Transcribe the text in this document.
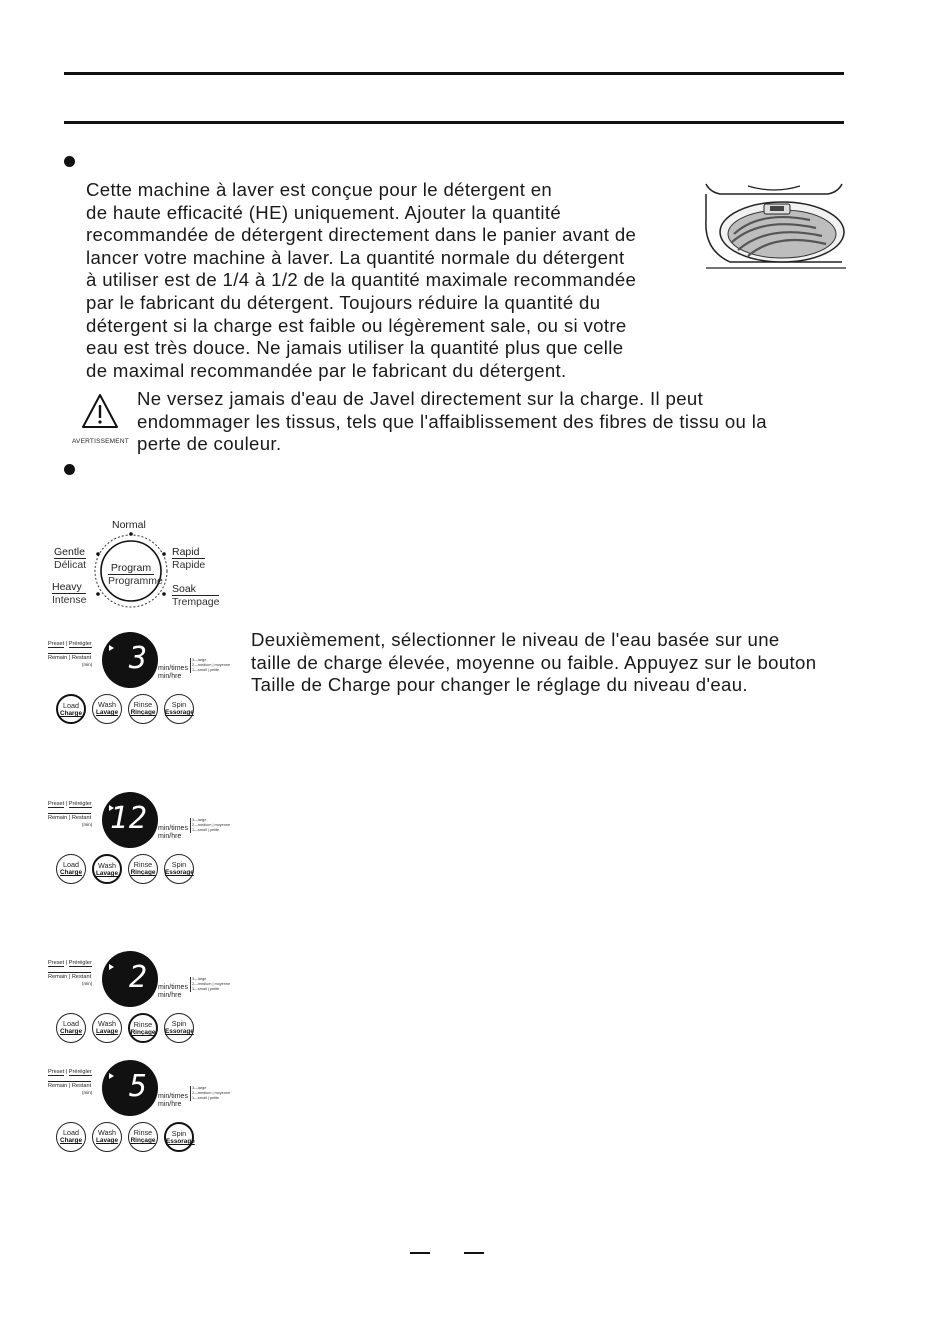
Cette machine à laver est conçue pour le détergent en
de haute efficacité (HE) uniquement. Ajouter la quantité
recommandée de détergent directement dans le panier avant de
lancer votre machine à laver. La quantité normale du détergent
à utiliser est de 1/4 à 1/2 de la quantité maximale recommandée
par le fabricant du détergent. Toujours réduire la quantité du
détergent si la charge est faible ou légèrement sale, ou si votre
eau est très douce. Ne jamais utiliser la quantité plus que celle
de maximal recommandée par le fabricant du détergent.
AVERTISSEMENT
Ne versez jamais d'eau de Javel directement sur la charge. Il peut
endommager les tissus, tels que l'affaiblissement des fibres de tissu ou la
perte de couleur.
Normal
Program
Programme
Gentle
Délicat
Heavy
Intense
Rapid
Rapide
Soak
Trempage
Preset | Prérégler
Remain | Restant
(min) 3 min/times
min/hre
3—large
2—medium | moyenne
1—small | petite
Load
Charge
Wash
Lavage
Rinse
Rinçage
Spin
Essorage
Preset | Prérégler
Remain | Restant
(min) 12 min/times
min/hre
3—large
2—medium | moyenne
1—small | petite
Load
Charge
Wash
Lavage
Rinse
Rinçage
Spin
Essorage
Preset | Prérégler
Remain | Restant
(min) 2 min/times
min/hre
3—large
2—medium | moyenne
1—small | petite
Load
Charge
Wash
Lavage
Rinse
Rinçage
Spin
Essorage
Preset | Prérégler
Remain | Restant
(min) 5 min/times
min/hre
3—large
2—medium | moyenne
1—small | petite
Load
Charge
Wash
Lavage
Rinse
Rinçage
Spin
Essorage
Deuxièmement, sélectionner le niveau de l'eau basée sur une
taille de charge élevée, moyenne ou faible. Appuyez sur le bouton
Taille de Charge pour changer le réglage du niveau d'eau.
